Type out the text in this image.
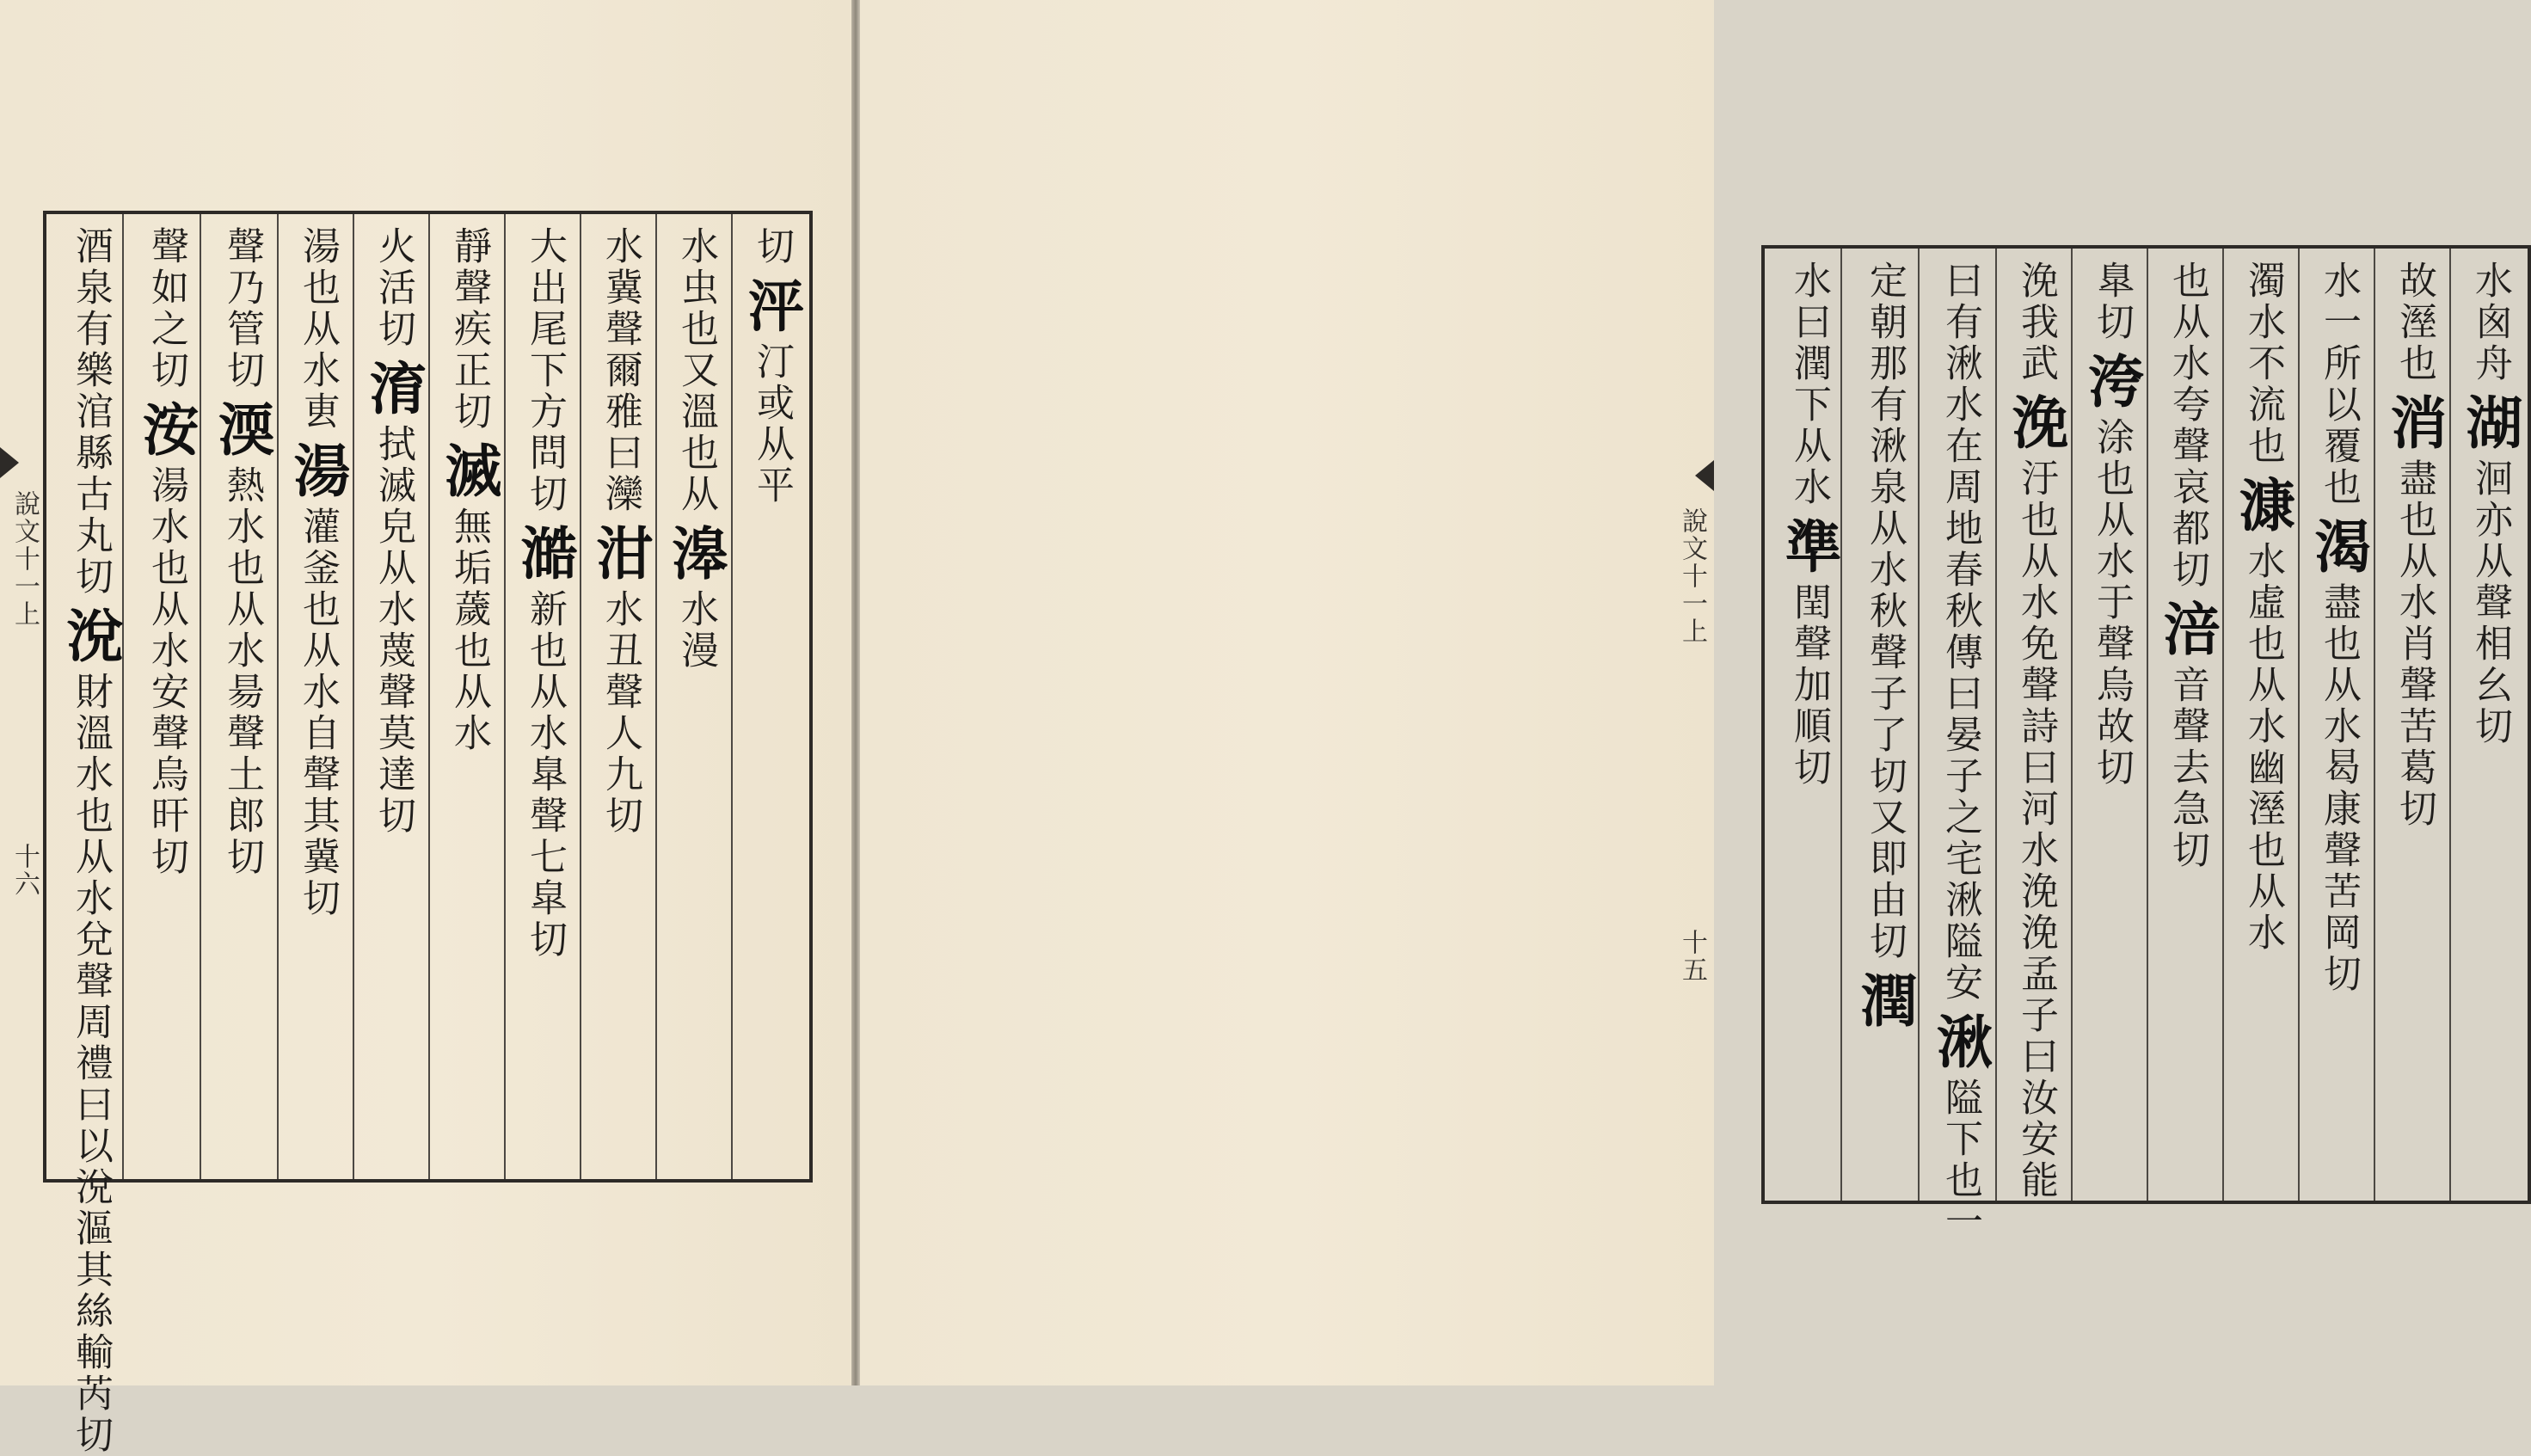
切泙汀或从平
水虫也又溫也从滜水漫
水冀聲爾雅曰灤泔水丑聲人九切
大出尾下方問切澔新也从水臯聲七皐切
靜聲疾正切滅無垢薉也从水
火活切淯拭滅皃从水蔑聲莫達切
湯也从水叀湯灌釜也从水自聲其冀切
聲乃管切渜熱水也从水昜聲土郎切
聲如之切洝湯水也从水安聲烏旰切
酒泉有樂涫縣古丸切涗財溫水也从水兌聲周禮曰以涗漚其絲輸芮切
說文十一上
十六
水囪舟湖洄亦从聲相幺切
故溼也消盡也从水肖聲苦葛切
水一所以覆也渴盡也从水曷康聲苦岡切
濁水不流也漮水虛也从水幽溼也从水
也从水夸聲哀都切涪音聲去急切
臯切洿涂也从水于聲烏故切
浼我武浼汙也从水免聲詩曰河水浼浼孟子曰汝安能
曰有湫水在周地春秋傳曰晏子之宅湫隘安湫隘下也一
定朝那有湫泉从水秋聲子了切又即由切潤
水曰潤下从水準閏聲加順切
說文十一上
十五
